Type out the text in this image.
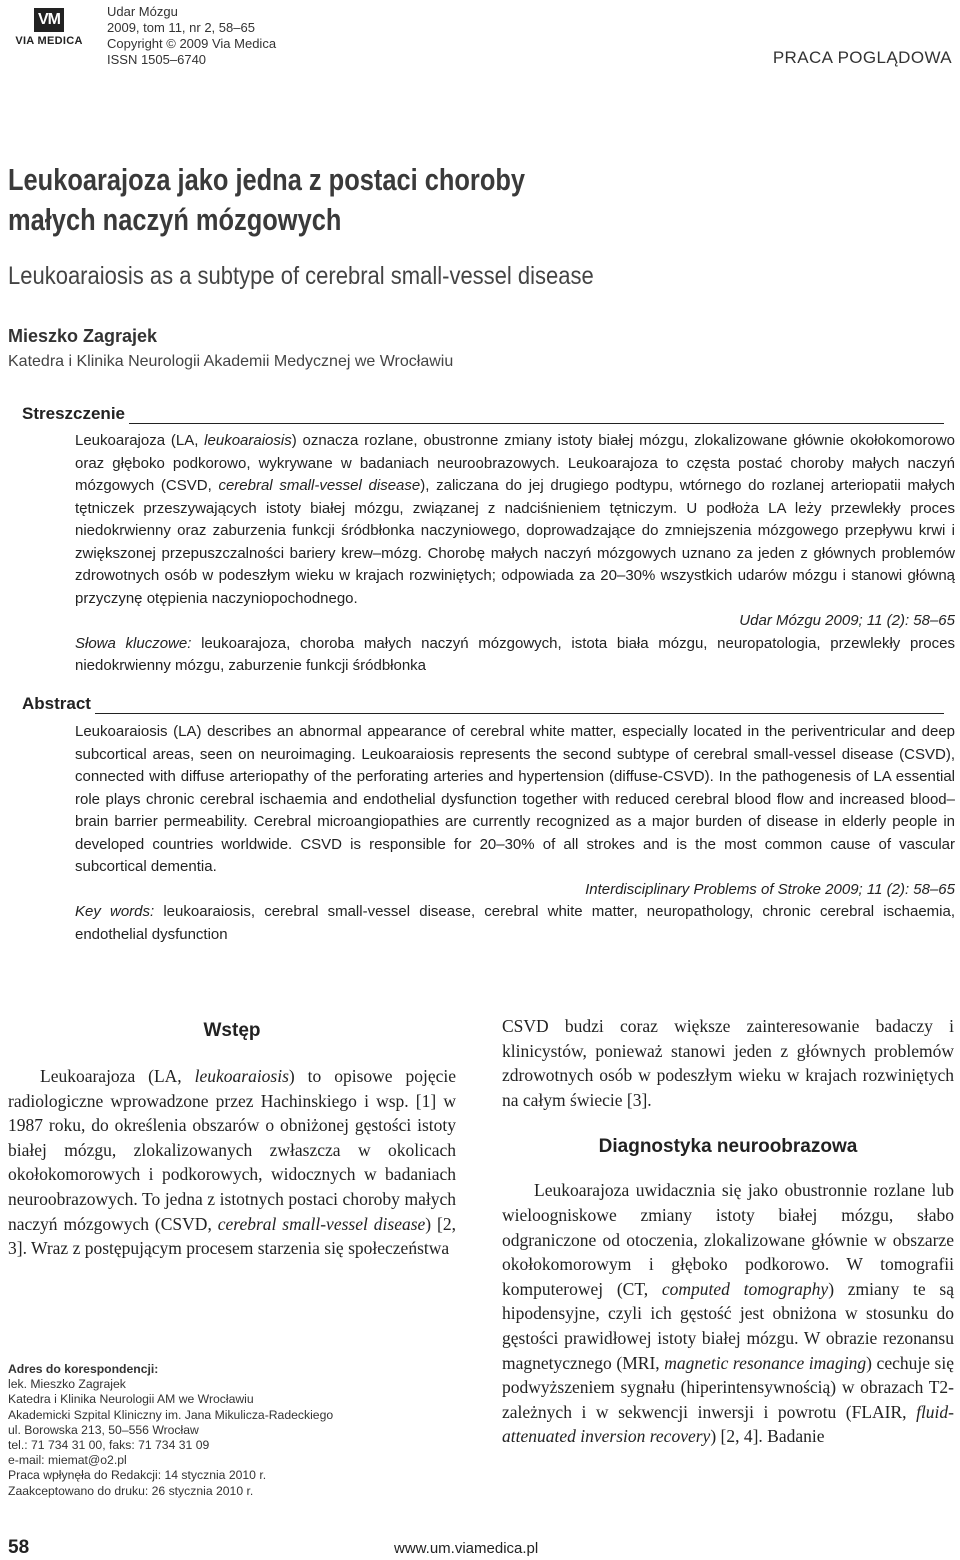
VM
VIA MEDICA
Udar Mózgu
2009, tom 11, nr 2, 58–65
Copyright © 2009 Via Medica
ISSN 1505–6740	PRACA POGLĄDOWA
Leukoarajoza jako jedna z postaci choroby
małych naczyń mózgowych
Leukoaraiosis as a subtype of cerebral small-vessel disease
Mieszko Zagrajek
Katedra i Klinika Neurologii Akademii Medycznej we Wrocławiu
Streszczenie

Leukoarajoza (LA, leukoaraiosis) oznacza rozlane, obustronne zmiany istoty białej mózgu, zlokalizowane głównie okołokomorowo oraz głęboko podkorowo, wykrywane w badaniach neuroobrazowych. Leukoarajoza to częsta postać choroby małych naczyń mózgowych (CSVD, cerebral small-vessel disease), zaliczana do jej drugiego podtypu, wtórnego do rozlanej arteriopatii małych tętniczek przeszywających istoty białej mózgu, związanej z nadciśnieniem tętniczym. U podłoża LA leży przewlekły proces niedokrwienny oraz zaburzenia funkcji śródbłonka naczyniowego, doprowadzające do zmniejszenia mózgowego przepływu krwi i zwiększonej przepuszczalności bariery krew–mózg. Chorobę małych naczyń mózgowych uznano za jeden z głównych problemów zdrowotnych osób w podeszłym wieku w krajach rozwiniętych; odpowiada za 20–30% wszystkich udarów mózgu i stanowi główną przyczynę otępienia naczyniopochodnego.

Udar Mózgu 2009; 11 (2): 58–65

Słowa kluczowe: leukoarajoza, choroba małych naczyń mózgowych, istota biała mózgu, neuropatologia, przewlekły proces niedokrwienny mózgu, zaburzenie funkcji śródbłonka

Abstract

Leukoaraiosis (LA) describes an abnormal appearance of cerebral white matter, especially located in the periventricular and deep subcortical areas, seen on neuroimaging. Leukoaraiosis represents the second subtype of cerebral small-vessel disease (CSVD), connected with diffuse arteriopathy of the perforating arteries and hypertension (diffuse-CSVD). In the pathogenesis of LA essential role plays chronic cerebral ischaemia and endothelial dysfunction together with reduced cerebral blood flow and increased blood–brain barrier permeability. Cerebral microangiopathies are currently recognized as a major burden of disease in elderly people in developed countries worldwide. CSVD is responsible for 20–30% of all strokes and is the most common cause of vascular subcortical dementia.

Interdisciplinary Problems of Stroke 2009; 11 (2): 58–65

Key words: leukoaraiosis, cerebral small-vessel disease, cerebral white matter, neuropathology, chronic cerebral ischaemia, endothelial dysfunction

Wstęp

Leukoarajoza (LA, leukoaraiosis) to opisowe pojęcie radiologiczne wprowadzone przez Hachinskiego i wsp. [1] w 1987 roku, do określenia obszarów o obniżonej gęstości istoty białej mózgu, zlokalizowanych zwłaszcza w okolicach okołokomorowych i podkorowych, widocznych w badaniach neuroobrazowych. To jedna z istotnych postaci choroby małych naczyń mózgowych (CSVD, cerebral small-vessel disease) [2, 3]. Wraz z postępującym procesem starzenia się społeczeństwa

CSVD budzi coraz większe zainteresowanie badaczy i klinicystów, ponieważ stanowi jeden z głównych problemów zdrowotnych osób w podeszłym wieku w krajach rozwiniętych na całym świecie [3].

Diagnostyka neuroobrazowa

Leukoarajoza uwidacznia się jako obustronnie rozlane lub wieloogniskowe zmiany istoty białej mózgu, słabo odgraniczone od otoczenia, zlokalizowane głównie w obszarze okołokomorowym i głęboko podkorowo. W tomografii komputerowej (CT, computed tomography) zmiany te są hipodensyjne, czyli ich gęstość jest obniżona w stosunku do gęstości prawidłowej istoty białej mózgu. W obrazie rezonansu magnetycznego (MRI, magnetic resonance imaging) cechuje się podwyższeniem sygnału (hiperintensywnością) w obrazach T2-zależnych i w sekwencji inwersji i powrotu (FLAIR, fluid-attenuated inversion recovery) [2, 4]. Badanie

Adres do korespondencji:
lek. Mieszko Zagrajek
Katedra i Klinika Neurologii AM we Wrocławiu
Akademicki Szpital Kliniczny im. Jana Mikulicza-Radeckiego
ul. Borowska 213, 50–556 Wrocław
tel.: 71 734 31 00, faks: 71 734 31 09
e-mail: miemat@o2.pl
Praca wpłynęła do Redakcji: 14 stycznia 2010 r.
Zaakceptowano do druku: 26 stycznia 2010 r.
58	www.um.viamedica.pl
